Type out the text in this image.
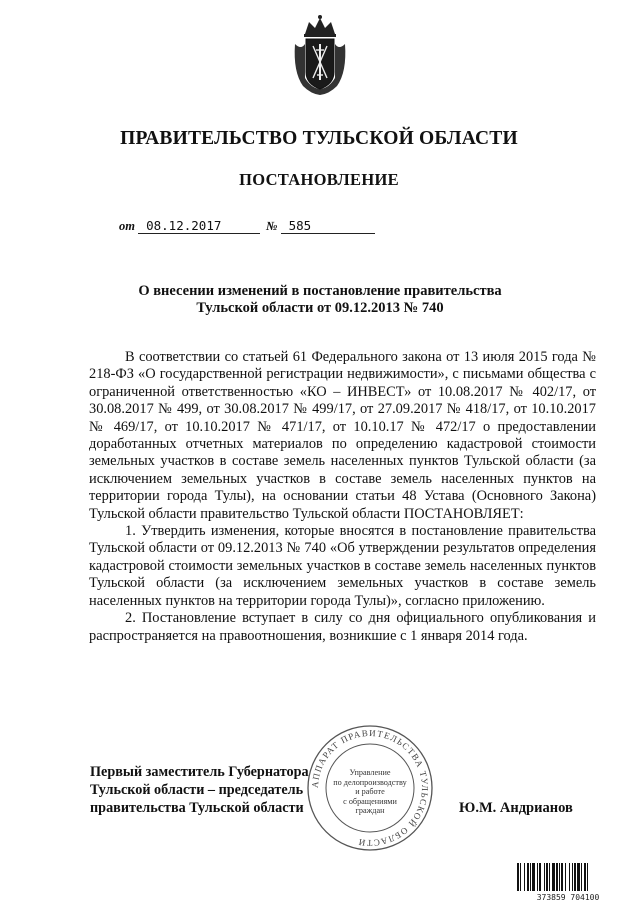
ПРАВИТЕЛЬСТВО ТУЛЬСКОЙ ОБЛАСТИ
ПОСТАНОВЛЕНИЕ
от 08.12.2017	№ 585
О внесении изменений в постановление правительства
Тульской области от 09.12.2013 № 740

В соответствии со статьей 61 Федерального закона от 13 июля 2015 года № 218-ФЗ «О государственной регистрации недвижимости», с письмами общества с ограниченной ответственностью «КО – ИНВЕСТ» от 10.08.2017 № 402/17, от 30.08.2017 № 499, от 30.08.2017 № 499/17, от 27.09.2017 № 418/17, от 10.10.2017 № 469/17, от 10.10.2017 № 471/17, от 10.10.17 № 472/17 о предоставлении доработанных отчетных материалов по определению кадастровой стоимости земельных участков в составе земель населенных пунктов Тульской области (за исключением земельных участков в составе земель населенных пунктов на территории города Тулы), на основании статьи 48 Устава (Основного Закона) Тульской области правительство Тульской области ПОСТАНОВЛЯЕТ:

1. Утвердить изменения, которые вносятся в постановление правительства Тульской области от 09.12.2013 № 740 «Об утверждении результатов определения кадастровой стоимости земельных участков в составе земель населенных пунктов Тульской области (за исключением земельных участков в составе земель населенных пунктов на территории города Тулы)», согласно приложению.

2. Постановление вступает в силу со дня официального опубликования и распространяется на правоотношения, возникшие с 1 января 2014 года.

АППАРАТ ПРАВИТЕЛЬСТВА ТУЛЬСКОЙ ОБЛАСТИ
Управление
по делопроизводству
и работе
с обращениями
граждан
Первый заместитель Губернатора
Тульской области – председатель
правительства Тульской области	Ю.М. Андрианов
373859 704100
